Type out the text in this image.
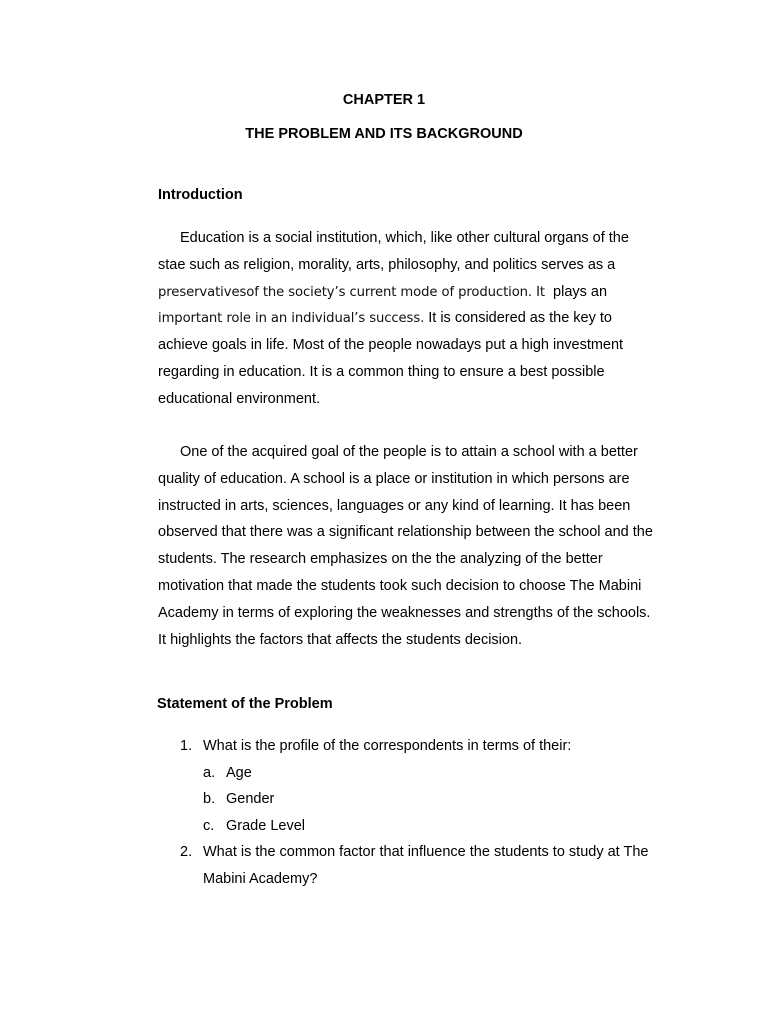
CHAPTER 1
THE PROBLEM AND ITS BACKGROUND
Introduction
Education is a social institution, which, like other cultural organs of the
stae such as religion, morality, arts, philosophy, and politics serves as a
preservativesof the society’s current mode of production. It  plays an
important role in an individual’s success. It is considered as the key to
achieve goals in life. Most of the people nowadays put a high investment
regarding in education. It is a common thing to ensure a best possible
educational environment.
One of the acquired goal of the people is to attain a school with a better
quality of education. A school is a place or institution in which persons are
instructed in arts, sciences, languages or any kind of learning. It has been
observed that there was a significant relationship between the school and the
students. The research emphasizes on the the analyzing of the better
motivation that made the students took such decision to choose The Mabini
Academy in terms of exploring the weaknesses and strengths of the schools.
It highlights the factors that affects the students decision.
Statement of the Problem
1. What is the profile of the correspondents in terms of their:
a. Age
b. Gender
c. Grade Level
2. What is the common factor that influence the students to study at The
Mabini Academy?
